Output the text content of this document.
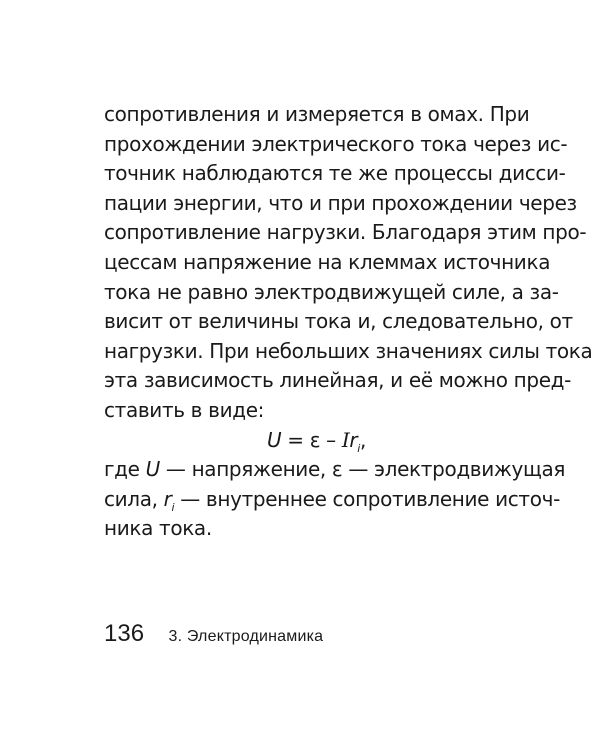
сопротивления и измеряется в омах. При
прохождении электрического тока через ис-
точник наблюдаются те же процессы дисси-
пации энергии, что и при прохождении через
сопротивление нагрузки. Благодаря этим про-
цессам напряжение на клеммах источника
тока не равно электродвижущей силе, а за-
висит от величины тока и, следовательно, от
нагрузки. При небольших значениях силы тока
эта зависимость линейная, и её можно пред-
ставить в виде:
$U = \varepsilon - Ir_i$,
где U — напряжение, ε — электродвижущая
сила, $r_i$ — внутреннее сопротивление источ-
ника тока.
136 3. Электродинамика
